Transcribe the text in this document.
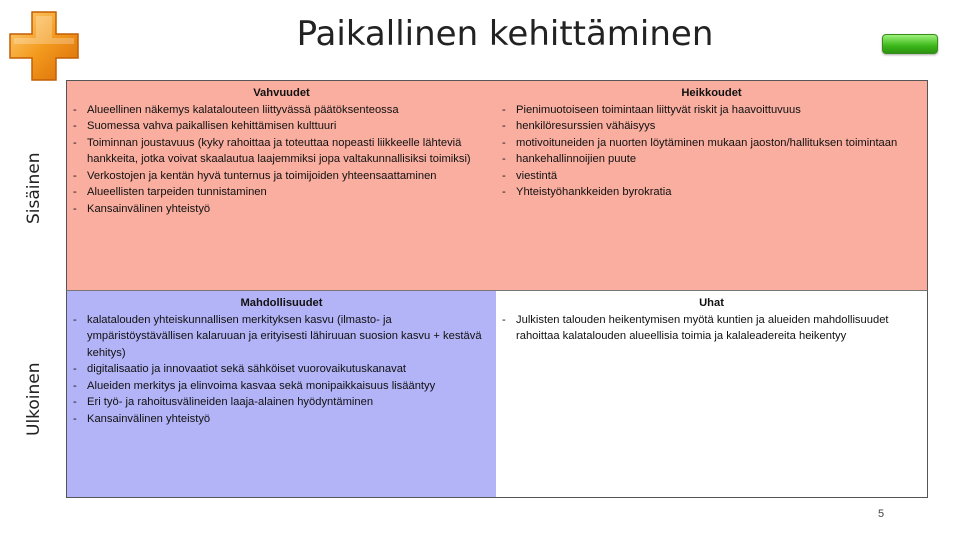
Paikallinen kehittäminen
Sisäinen
Ulkoinen
Vahvuudet
- Alueellinen näkemys kalatalouteen liittyvässä päätöksenteossa
- Suomessa vahva paikallisen kehittämisen kulttuuri
- Toiminnan joustavuus (kyky rahoittaa ja toteuttaa nopeasti liikkeelle lähteviä hankkeita, jotka voivat skaalautua laajemmiksi jopa valtakunnallisiksi toimiksi)
- Verkostojen ja kentän hyvä tunternus ja toimijoiden yhteensaattaminen
- Alueellisten tarpeiden tunnistaminen
- Kansainvälinen yhteistyö
Heikkoudet
- Pienimuotoiseen toimintaan liittyvät riskit ja haavoittuvuus
- henkilöresurssien vähäisyys
- motivoituneiden ja nuorten löytäminen mukaan jaoston/hallituksen toimintaan
- hankehallinnoijien puute
- viestintä
- Yhteistyöhankkeiden byrokratia
Mahdollisuudet
- kalatalouden yhteiskunnallisen merkityksen kasvu (ilmasto- ja ympäristöystävällisen kalaruuan ja erityisesti lähiruuan suosion kasvu + kestävä kehitys)
- digitalisaatio ja innovaatiot sekä sähköiset vuorovaikutuskanavat
- Alueiden merkitys ja elinvoima kasvaa sekä monipaikkaisuus lisääntyy
- Eri työ- ja rahoitusvälineiden laaja-alainen hyödyntäminen
- Kansainvälinen yhteistyö
Uhat
- Julkisten talouden heikentymisen myötä kuntien ja alueiden mahdollisuudet rahoittaa kalatalouden alueellisia toimia ja kalaleadereita heikentyy
5
